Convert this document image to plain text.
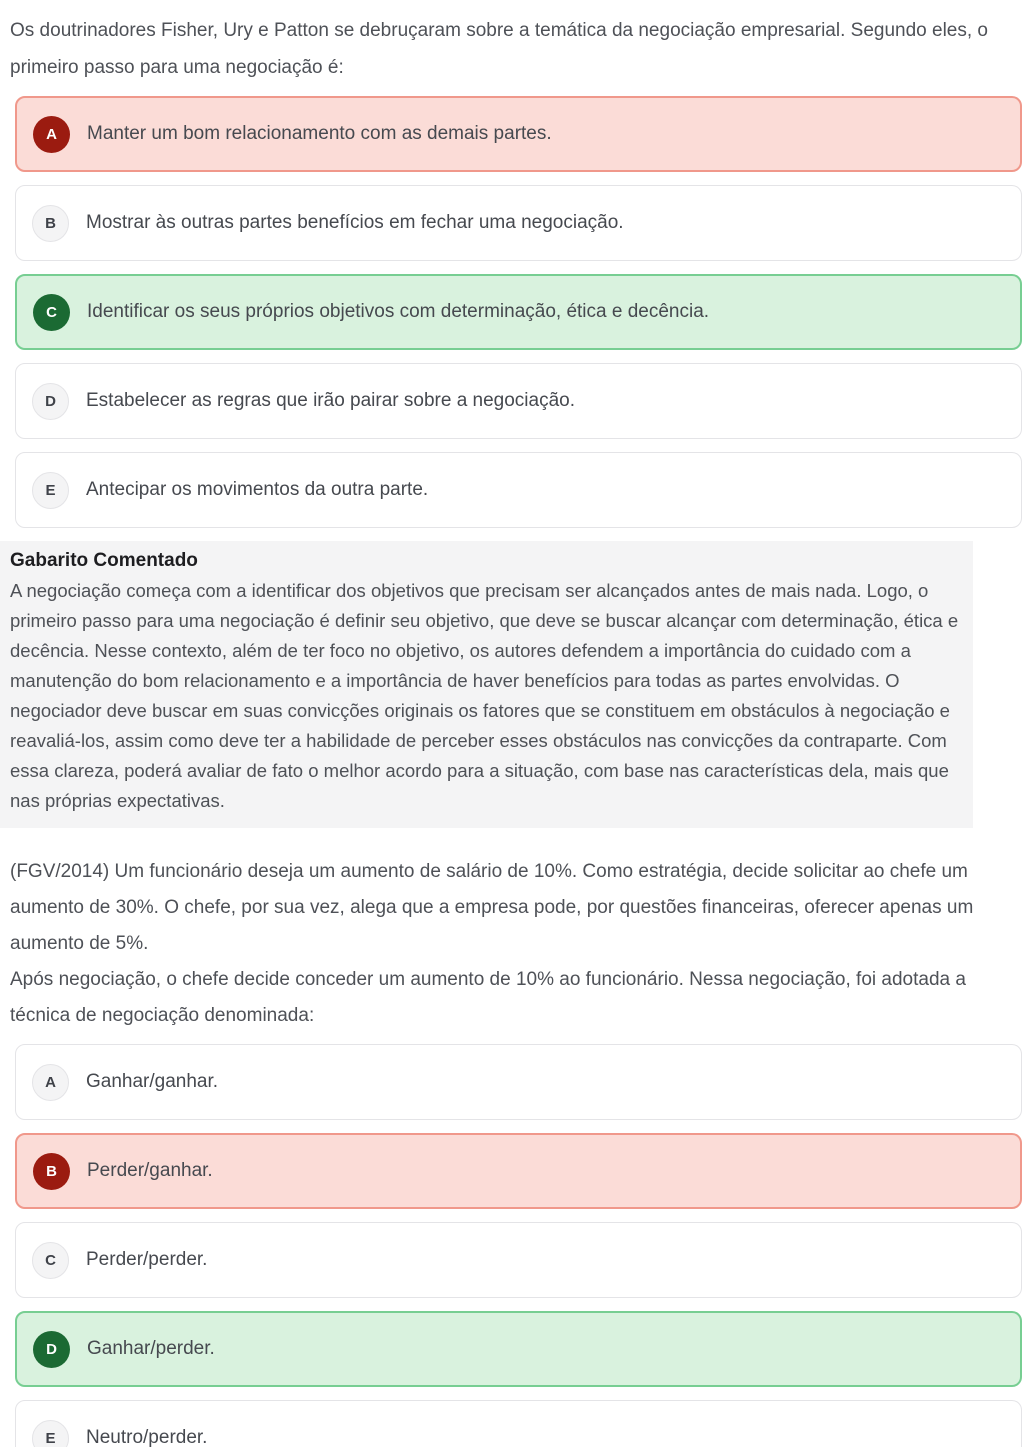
Os doutrinadores Fisher, Ury e Patton se debruçaram sobre a temática da negociação empresarial. Segundo eles, o primeiro passo para uma negociação é:

A	Manter um bom relacionamento com as demais partes.
B	Mostrar às outras partes benefícios em fechar uma negociação.
C	Identificar os seus próprios objetivos com determinação, ética e decência.
D	Estabelecer as regras que irão pairar sobre a negociação.
E	Antecipar os movimentos da outra parte.
Gabarito Comentado
A negociação começa com a identificar dos objetivos que precisam ser alcançados antes de mais nada. Logo, o primeiro passo para uma negociação é definir seu objetivo, que deve se buscar alcançar com determinação, ética e decência. Nesse contexto, além de ter foco no objetivo, os autores defendem a importância do cuidado com a manutenção do bom relacionamento e a importância de haver benefícios para todas as partes envolvidas. O negociador deve buscar em suas convicções originais os fatores que se constituem em obstáculos à negociação e reavaliá-los, assim como deve ter a habilidade de perceber esses obstáculos nas convicções da contraparte. Com essa clareza, poderá avaliar de fato o melhor acordo para a situação, com base nas características dela, mais que nas próprias expectativas.

(FGV/2014) Um funcionário deseja um aumento de salário de 10%. Como estratégia, decide solicitar ao chefe um aumento de 30%. O chefe, por sua vez, alega que a empresa pode, por questões financeiras, oferecer apenas um aumento de 5%.

Após negociação, o chefe decide conceder um aumento de 10% ao funcionário. Nessa negociação, foi adotada a técnica de negociação denominada:

A	Ganhar/ganhar.
B	Perder/ganhar.
C	Perder/perder.
D	Ganhar/perder.
E	Neutro/perder.
